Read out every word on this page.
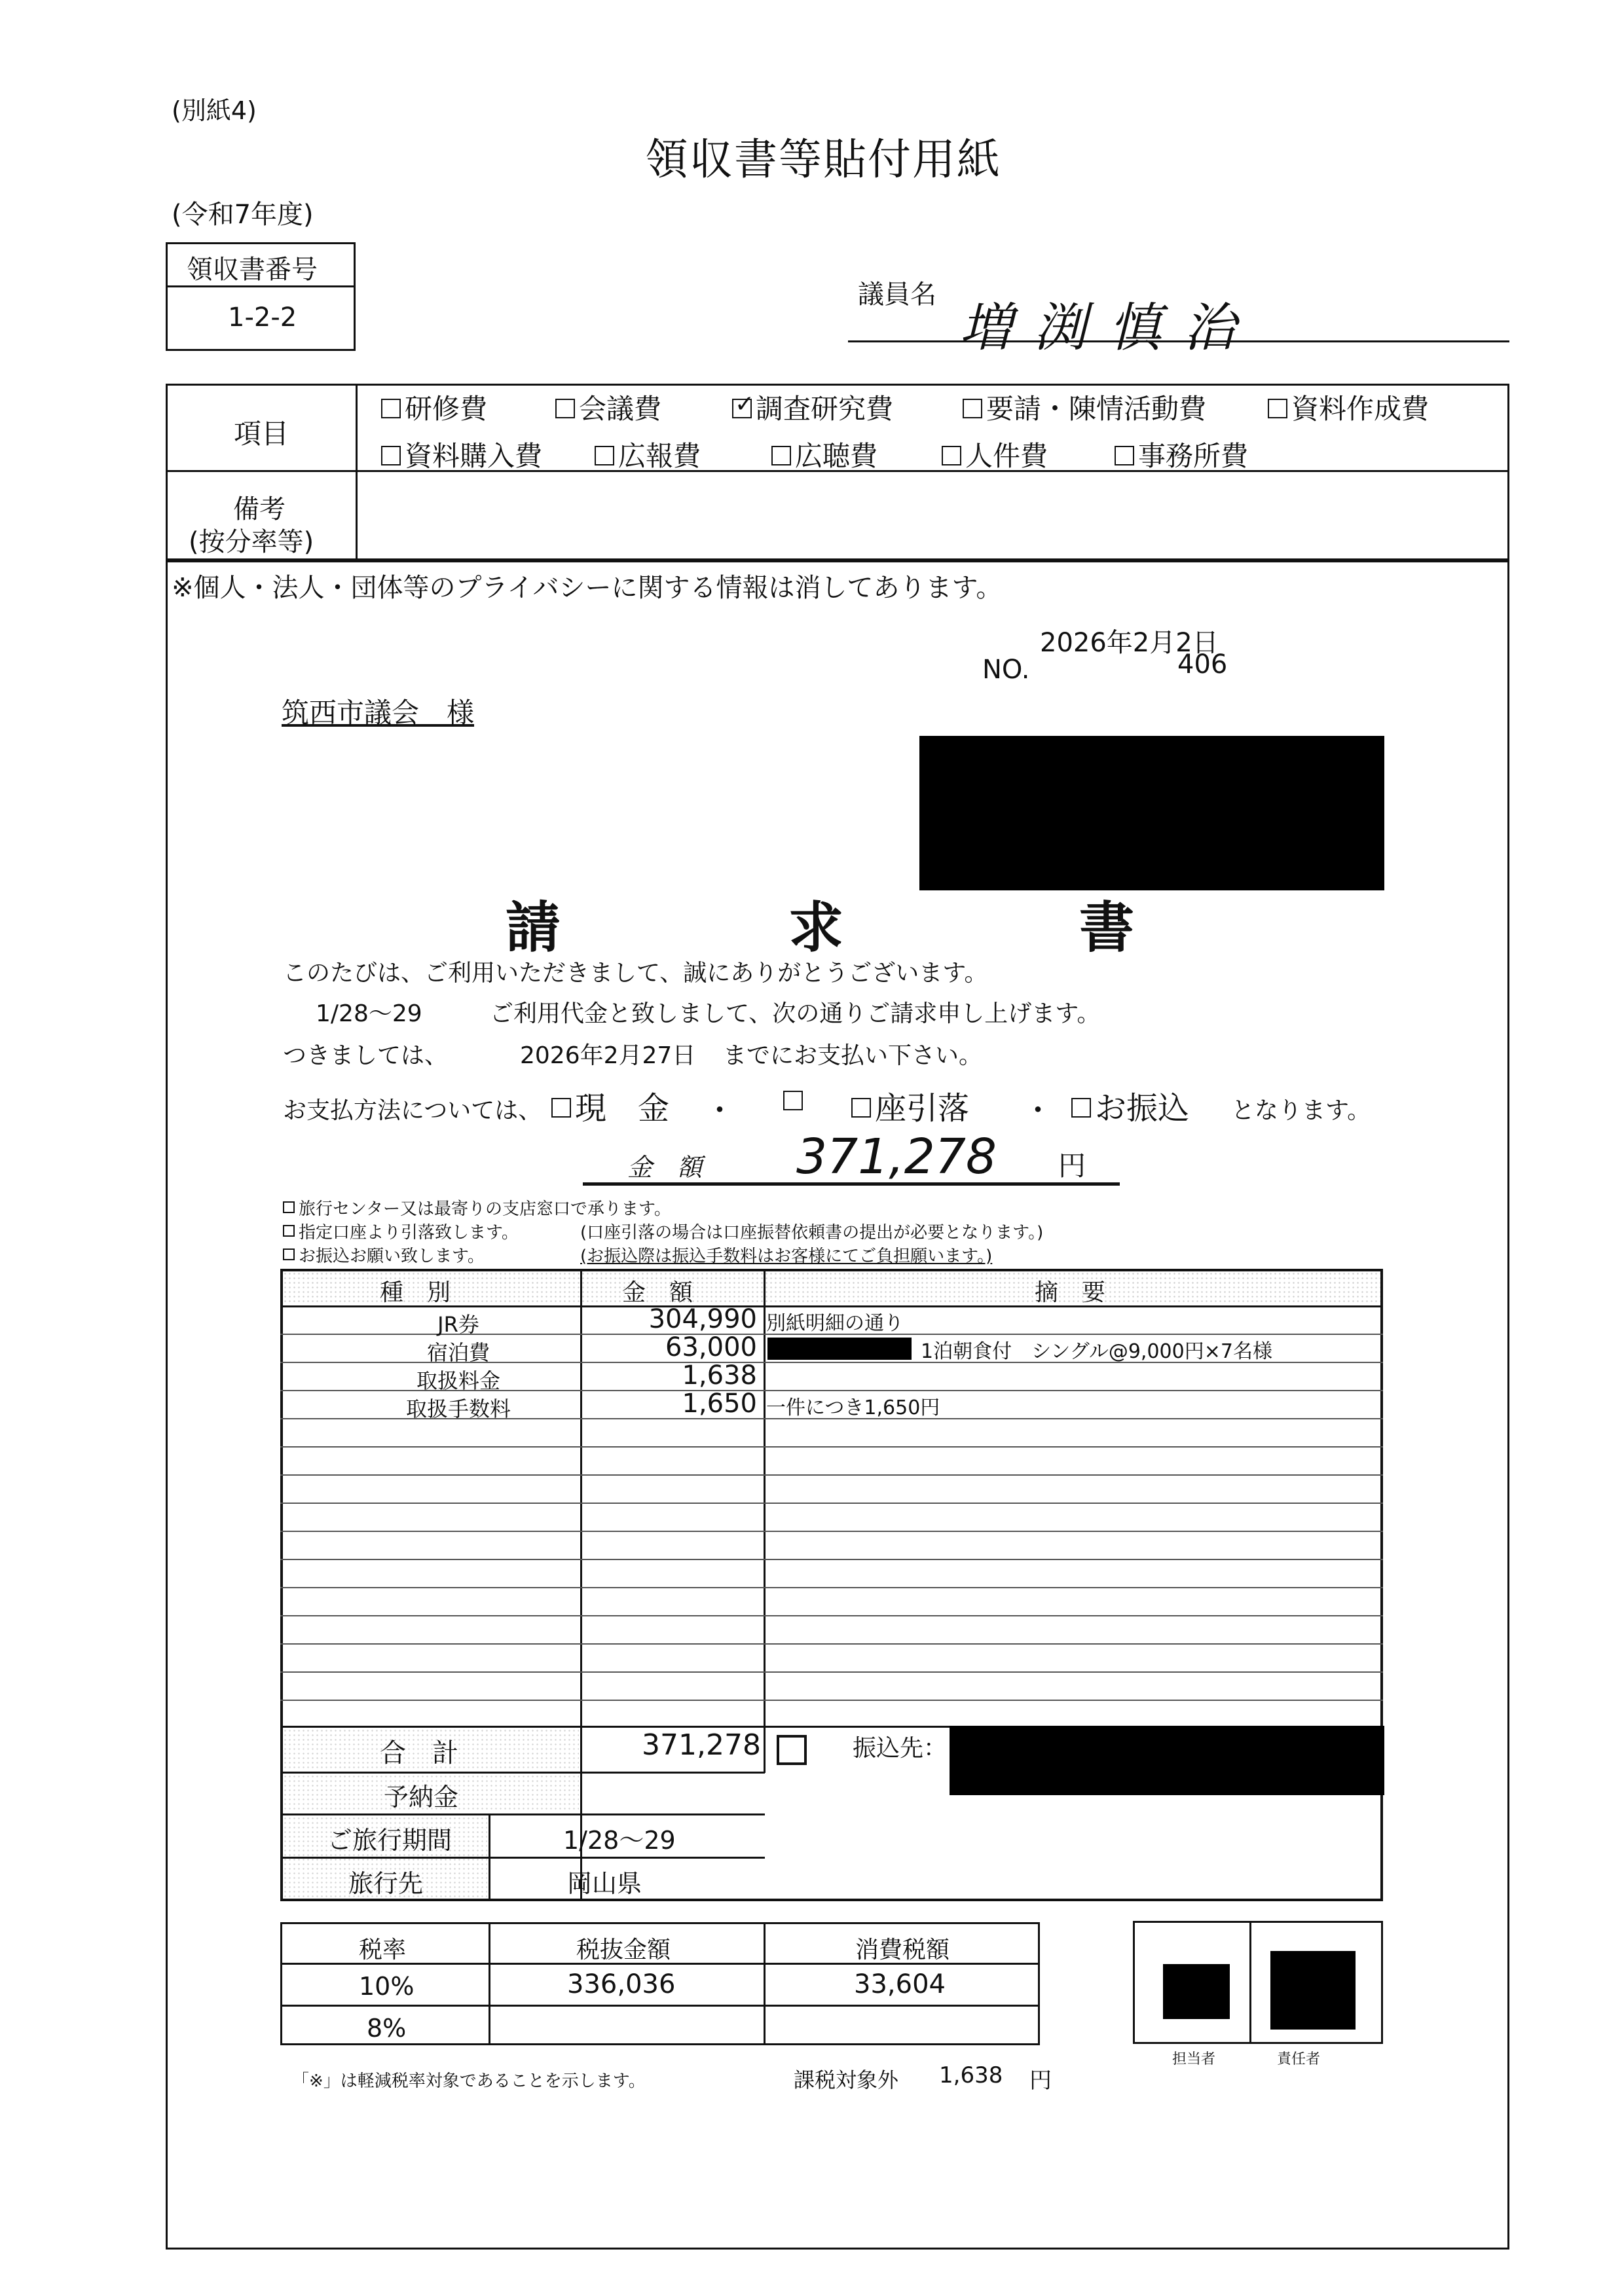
(別紙4)
領収書等貼付用紙
(令和7年度)
領収書番号
1-2-2
議員名
増渕慎治
項目
備考
(按分率等)
研修費	会議費
✓	調査研究費	要請・陳情活動費	資料作成費
資料購入費	広報費	広聴費	人件費	事務所費
※個人・法人・団体等のプライバシーに関する情報は消してあります。
2026年2月2日
NO.	406
筑西市議会　様
請	求	書
このたびは、ご利用いただきまして、誠にありがとうございます。
1/28～29	ご利用代金と致しまして、次の通りご請求申し上げます。
つきましては、	2026年2月27日 までにお支払い下さい。
お支払方法については、	現　金 ・	座引落 ・	お振込 となります。
金　額 371,278 円
旅行センター又は最寄りの支店窓口で承ります。
指定口座より引落致します。	(口座引落の場合は口座振替依頼書の提出が必要となります。)
お振込お願い致します。	(お振込際は振込手数料はお客様にてご負担願います。)
種　別	金　額	摘　要
JR券	304,990 別紙明細の通り
宿泊費	63,000	1泊朝食付　シングル@9,000円×7名様
取扱料金	1,638
取扱手数料	1,650 一件につき1,650円
合　計	371,278	振込先：
予納金
ご旅行期間	1/28～29
旅行先	岡山県
税率	税抜金額	消費税額
10%	336,036	33,604
8%
「※」は軽減税率対象であることを示します。	課税対象外 1,638 円
担当者	責任者
